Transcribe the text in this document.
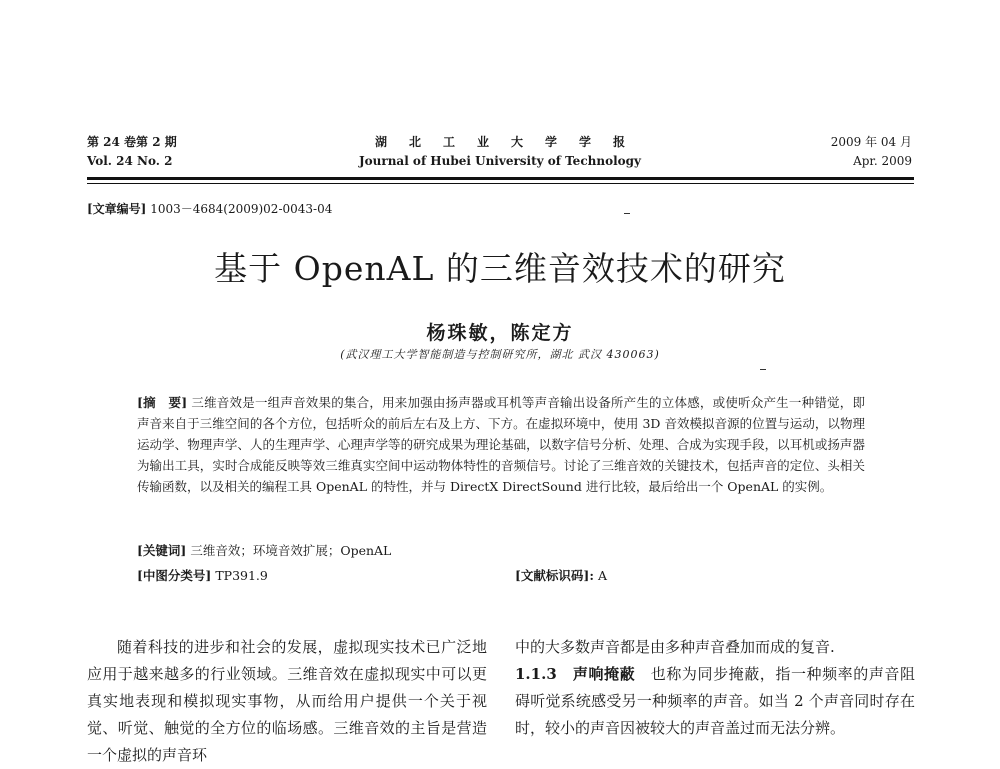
第 24 卷第 2 期
Vol. 24 No. 2
湖北工业大学学报
Journal of Hubei University of Technology
2009 年 04 月
Apr. 2009
[文章编号] 1003－4684(2009)02-0043-04
基于 OpenAL 的三维音效技术的研究
杨珠敏，陈定方
(武汉理工大学智能制造与控制研究所，湖北 武汉 430063)
[摘　要] 三维音效是一组声音效果的集合，用来加强由扬声器或耳机等声音输出设备所产生的立体感，或使听众产生一种错觉，即声音来自于三维空间的各个方位，包括听众的前后左右及上方、下方。在虚拟环境中，使用 3D 音效模拟音源的位置与运动，以物理运动学、物理声学、人的生理声学、心理声学等的研究成果为理论基础，以数字信号分析、处理、合成为实现手段，以耳机或扬声器为输出工具，实时合成能反映等效三维真实空间中运动物体特性的音频信号。讨论了三维音效的关键技术，包括声音的定位、头相关传输函数，以及相关的编程工具 OpenAL 的特性，并与 DirectX DirectSound 进行比较，最后给出一个 OpenAL 的实例。
[关键词] 三维音效；环境音效扩展；OpenAL
[中图分类号] TP391.9	[文献标识码]: A

随着科技的进步和社会的发展，虚拟现实技术已广泛地应用于越来越多的行业领域。三维音效在虚拟现实中可以更真实地表现和模拟现实事物，从而给用户提供一个关于视觉、听觉、触觉的全方位的临场感。三维音效的主旨是营造一个虚拟的声音环

中的大多数声音都是由多种声音叠加而成的复音.

1.1.3　声响掩蔽　 也称为同步掩蔽，指一种频率的声音阻碍听觉系统感受另一种频率的声音。如当 2 个声音同时存在时，较小的声音因被较大的声音盖过而无法分辨。
